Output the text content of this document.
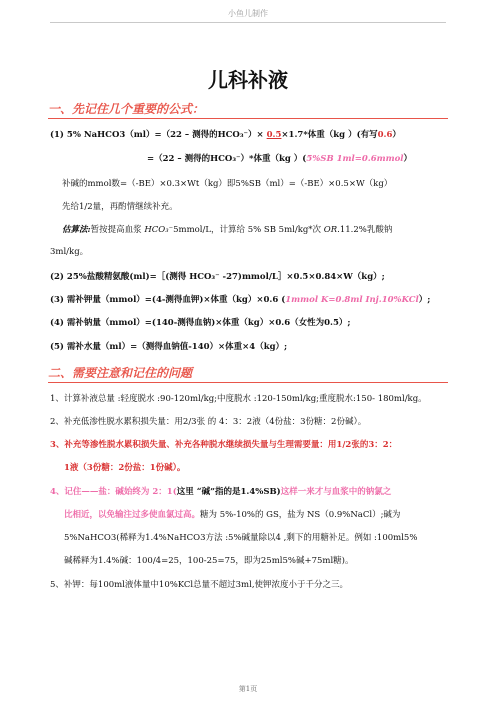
小鱼儿制作
儿科补液
一、先记住几个重要的公式：
(1) 5% NaHCO3（ml）=（22 – 测得的HCO₃⁻）× 0.5×1.7*体重（kg ）(有写0.6）
=（22 – 测得的HCO₃⁻）*体重（kg ）(5%SB 1ml=0.6mmol）
补碱的mmol数=（-BE）×0.3×Wt（kg）即5%SB（ml）=（-BE）×0.5×W（kg）
先给1/2量，再酌情继续补充。
估算法:暂按提高血浆 HCO₃⁻5mmol/L，计算给 5% SB 5ml/kg*次 OR.11.2%乳酸钠
3ml/kg。
(2) 25%盐酸精氨酸(ml)=［(测得 HCO₃⁻ -27)mmol/L］×0.5×0.84×W（kg）;
(3) 需补钾量（mmol）=(4-测得血钾)×体重（kg）×0.6 (1mmol K=0.8ml Inj.10%KCl）;
(4) 需补钠量（mmol）=(140-测得血钠)×体重（kg）×0.6（女性为0.5）;
(5) 需补水量（ml）=（测得血钠值-140）×体重×4（kg）;
二、需要注意和记住的问题
1、计算补液总量 :轻度脱水 :90-120ml/kg;中度脱水 :120-150ml/kg;重度脱水:150- 180ml/kg。
2、补充低渗性脱水累积损失量：用2/3张 的 4：3：2液（4份盐：3份糖：2份碱）。
3、补充等渗性脱水累积损失量、补充各种脱水继续损失量与生理需要量：用1/2张的3：2：
1液（3份糖：2份盐：1份碱）。
4、记住——盐：碱始终为 2：1(这里 “碱”指的是1.4%SB)这样一来才与血浆中的钠氯之
比相近，以免输注过多使血氯过高。糖为 5%-10%的 GS，盐为 NS（0.9%NaCl）;碱为
5%NaHCO3(稀释为1.4%NaHCO3方法 :5%碱量除以4 ,剩下的用糖补足。例如 :100ml5%
碱稀释为1.4%碱：100/4=25，100-25=75，即为25ml5%碱+75ml糖)。
5、补钾：每100ml液体量中10%KCl总量不超过3ml,使钾浓度小于千分之三。
第1页
